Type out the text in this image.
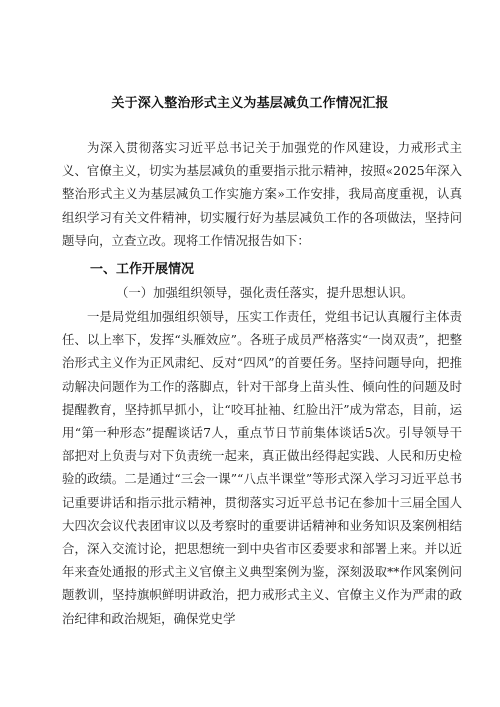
关于深入整治形式主义为基层减负工作情况汇报
为深入贯彻落实习近平总书记关于加强党的作风建设，力戒形式主义、官僚主义，切实为基层减负的重要指示批示精神，按照«2025年深入整治形式主义为基层减负工作实施方案»工作安排，我局高度重视，认真组织学习有关文件精神，切实履行好为基层减负工作的各项做法，坚持问题导向，立查立改。现将工作情况报告如下：
一、工作开展情况
（一）加强组织领导，强化责任落实，提升思想认识。
一是局党组加强组织领导，压实工作责任，党组书记认真履行主体责任、以上率下，发挥“头雁效应”。各班子成员严格落实“一岗双责”，把整治形式主义作为正风肃纪、反对“四风”的首要任务。坚持问题导向，把推动解决问题作为工作的落脚点，针对干部身上苗头性、倾向性的问题及时提醒教育，坚持抓早抓小，让“咬耳扯袖、红脸出汗”成为常态，目前，运用“第一种形态”提醒谈话7人，重点节日节前集体谈话5次。引导领导干部把对上负责与对下负责统一起来，真正做出经得起实践、人民和历史检验的政绩。二是通过“三会一课”“八点半课堂”等形式深入学习习近平总书记重要讲话和指示批示精神，贯彻落实习近平总书记在参加十三届全国人大四次会议代表团审议以及考察时的重要讲话精神和业务知识及案例相结合，深入交流讨论，把思想统一到中央省市区委要求和部署上来。并以近年来查处通报的形式主义官僚主义典型案例为鉴，深刻汲取**作风案例问题教训，坚持旗帜鲜明讲政治，把力戒形式主义、官僚主义作为严肃的政治纪律和政治规矩，确保党史学
